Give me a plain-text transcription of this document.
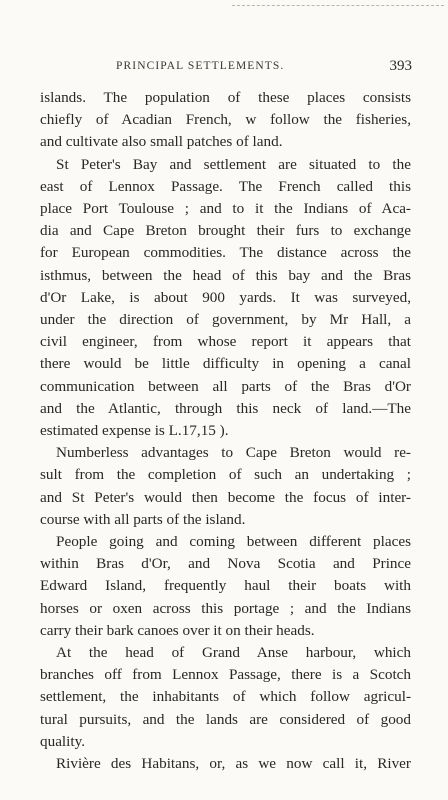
PRINCIPAL SETTLEMENTS.	393

islands. The population of these places consists
chiefly of Acadian French, w follow the fisheries,
and cultivate also small patches of land.

St Peter's Bay and settlement are situated to the
east of Lennox Passage. The French called this
place Port Toulouse ; and to it the Indians of Aca-
dia and Cape Breton brought their furs to exchange
for European commodities. The distance across the
isthmus, between the head of this bay and the Bras
d'Or Lake, is about 900 yards. It was surveyed,
under the direction of government, by Mr Hall, a
civil engineer, from whose report it appears that
there would be little difficulty in opening a canal
communication between all parts of the Bras d'Or
and the Atlantic, through this neck of land.—The
estimated expense is L.17,15 ).

Numberless advantages to Cape Breton would re-
sult from the completion of such an undertaking ;
and St Peter's would then become the focus of inter-
course with all parts of the island.

People going and coming between different places
within Bras d'Or, and Nova Scotia and Prince
Edward Island, frequently haul their boats with
horses or oxen across this portage ; and the Indians
carry their bark canoes over it on their heads.

At the head of Grand Anse harbour, which
branches off from Lennox Passage, there is a Scotch
settlement, the inhabitants of which follow agricul-
tural pursuits, and the lands are considered of good
quality.

Rivière des Habitans, or, as we now call it, River
